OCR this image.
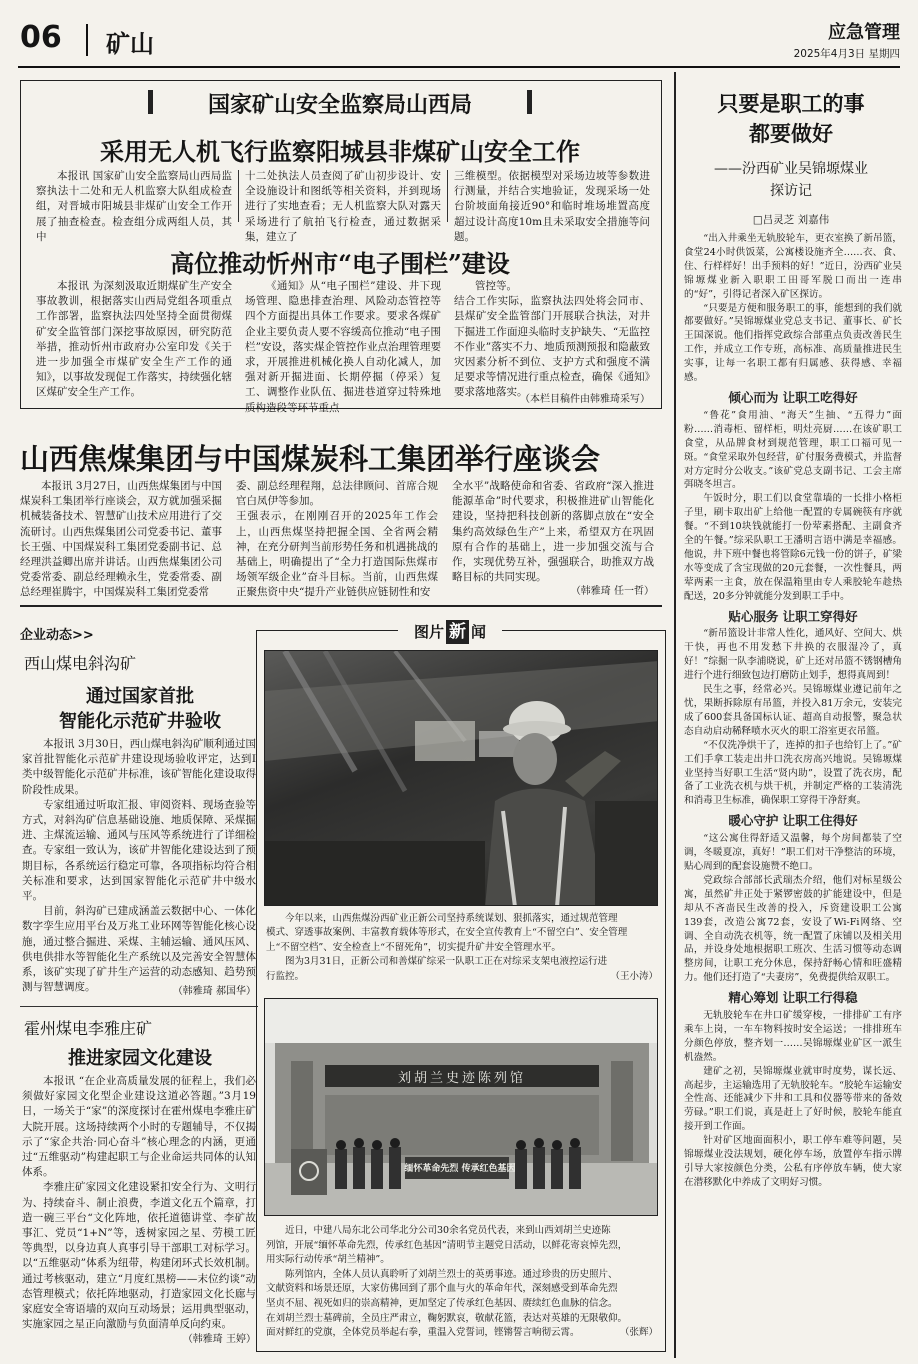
06 矿山	应急管理
2025年4月3日 星期四
国家矿山安全监察局山西局
采用无人机飞行监察阳城县非煤矿山安全工作

本报讯 国家矿山安全监察局山西局监察执法十二处和无人机监察大队组成检查组，对晋城市阳城县非煤矿山安全工作开展了抽查检查。检查组分成两组人员，其中

十二处执法人员查阅了矿山初步设计、安全设施设计和图纸等相关资料，并到现场进行了实地查看；无人机监察大队对露天采场进行了航拍飞行检查，通过数据采集，建立了

三维模型。依据模型对采场边坡等参数进行测量，并结合实地验证，发现采场一处台阶坡面角接近90°和临时堆场堆置高度超过设计高度10m且未采取安全措施等问题。

高位推动忻州市“电子围栏”建设

本报讯 为深刻汲取近期煤矿生产安全事故教训，根据落实山西局党组各项重点工作部署，监察执法四处坚持全面贯彻煤矿安全监管部门深挖事故原因，研究防范举措，推动忻州市政府办公室印发《关于进一步加强全市煤矿安全生产工作的通知》，以事故发现促工作落实，持续强化辖区煤矿安全生产工作。

《通知》从“电子围栏”建设、井下现场管理、隐患排查治理、风险动态管控等四个方面提出具体工作要求。要求各煤矿企业主要负责人要不容缓高位推动“电子围栏”安设，落实煤企管控作业点治理管理要求，开展推进机械化换人自动化减人，加强对新开掘进面、长期停掘（停采）复工、调整作业队伍、掘进巷道穿过特殊地质构造段等环节重点

管控等。
结合工作实际，监察执法四处将会同市、县煤矿安全监管部门开展联合执法，对井下掘进工作面迎头临时支护缺失、“无监控不作业”落实不力、地质预测预报和隐蔽致灾因素分析不到位、支护方式和强度不满足要求等情况进行重点检查，确保《通知》要求落地落实。

（本栏目稿件由韩雅琦采写）
山西焦煤集团与中国煤炭科工集团举行座谈会

本报讯 3月27日，山西焦煤集团与中国煤炭科工集团举行座谈会，双方就加强采掘机械装备技术、智慧矿山技术应用进行了交流研讨。山西焦煤集团公司党委书记、董事长王强、中国煤炭科工集团党委副书记、总经理洪益卿出席并讲话。山西焦煤集团公司党委常委、副总经理赖永生，党委常委、副总经理崔腾宇，中国煤炭科工集团党委常

委、副总经理程翔，总法律顾问、首席合规官白凤伊等参加。
王强表示，在刚刚召开的2025年工作会上，山西焦煤坚持把握全国、全省两会精神，在充分研判当前形势任务和机遇挑战的基础上，明确提出了“全力打造国际焦煤市场领军级企业”奋斗目标。当前，山西焦煤正聚焦资中央“提升产业链供应链韧性和安

全水平”战略使命和省委、省政府“深入推进能源革命”时代要求，积极推进矿山智能化建设，坚持把科技创新的落脚点放在“安全集约高效绿色生产”上来，希望双方在巩固原有合作的基础上，进一步加强交流与合作，实现优势互补，强强联合，助推双方战略目标的共同实现。

（韩雅琦 任一哲）
企业动态>>
西山煤电斜沟矿
通过国家首批
智能化示范矿井验收

本报讯 3月30日，西山煤电斜沟矿顺利通过国家首批智能化示范矿井建设现场验收评定，达到Ⅰ类中级智能化示范矿井标准，该矿智能化建设取得阶段性成果。

专家组通过听取汇报、审阅资料、现场查验等方式，对斜沟矿信息基础设施、地质保障、采煤掘进、主煤流运输、通风与压风等系统进行了详细检查。专家组一致认为，该矿井智能化建设达到了预期目标，各系统运行稳定可靠，各项指标均符合相关标准和要求，达到国家智能化示范矿井中级水平。

目前，斜沟矿已建成涵盖云数据中心、一体化数字孪生应用平台及万兆工业环网等智能化核心设施，通过整合掘进、采煤、主辅运输、通风压风、供电供排水等智能化生产系统以及完善安全智慧体系，该矿实现了矿井生产运营的动态感知、趋势预测与智慧调度。	（韩雅琦 郝国华）
霍州煤电李雅庄矿
推进家园文化建设

本报讯 “在企业高质量发展的征程上，我们必须做好家园文化型企业建设这道必答题。”3月19日，一场关于“家”的深度探讨在霍州煤电李雅庄矿大院开展。这场持续两个小时的专题辅导，不仅揭示了“家企共治·同心奋斗”核心理念的内涵，更通过“五维驱动”构建起职工与企业命运共同体的认知体系。

李雅庄矿家园文化建设紧扣安全行为、文明行为、持续奋斗、制止浪费，李道文化五个篇章，打造一碗三平台“文化阵地，依托道德讲堂、李矿故事汇、党员“1+N”等，透树家园之星、劳模工匠等典型，以身边真人真事引导干部职工对标学习。以“五维驱动”体系为纽带，构建闭环式长效机制。通过考核驱动，建立“月度红黑榜——末位约谈”动态管理模式；依托阵地驱动，打造家园文化长廊与家庭安全寄语墙的双向互动场景；运用典型驱动，实施家园之星正向激励与负面清单反向约束。

（韩雅琦 王婷）
图片 新 闻
今年以来，山西焦煤汾西矿业正新公司坚持系统谋划、狠抓落实，通过规范管理
模式、穿透事故案例、丰富教育载体等形式，在安全宣传教育上“不留空白”、安全管理
上“不留空档”、安全检查上“不留死角”，切实提升矿井安全管理水平。
图为3月31日，正新公司和善煤矿综采一队职工正在对综采支架电液控运行进
行监控。	（王小涛）
刘胡兰史迹陈列馆
缅怀革命先烈 传承红色基因
近日，中建八局东北公司华北分公司30余名党员代表，来到山西刘胡兰史迹陈
列馆，开展“缅怀革命先烈，传承红色基因”清明节主题党日活动，以鲜花寄哀悼先烈，
用实际行动传承“胡兰精神”。
陈列馆内，全体人员认真聆听了刘胡兰烈士的英勇事迹。通过珍贵的历史照片、
文献资料和场景还原，大家仿佛回到了那个血与火的革命年代，深刻感受到革命先烈
坚贞不屈、视死如归的崇高精神，更加坚定了传承红色基因、赓续红色血脉的信念。
在刘胡兰烈士墓碑前，全员庄严肃立，鞠躬默哀，敬献花篮，表达对英雄的无限敬仰。
面对鲜红的党旗，全体党员举起右拳，重温入党誓词，铿锵誓言响彻云霄。	（张辉）
只要是职工的事
都要做好
——汾西矿业吴锦塬煤业
探访记
□吕灵芝 刘嘉伟

“出入井乘坐无轨胶轮车，更衣室换了新吊篮，食堂24小时供饭菜，公寓楼设施齐全……衣、食、住、行样样好！出手预料的好！”近日，汾西矿业吴锦塬煤业新入职职工田哥军脱口而出一连串的“好”，引得记者深入矿区探访。

“只要是方便和服务职工的事，能想到的我们就都要做好。”吴锦塬煤业党总支书记、董事长、矿长王国深说。他们指挥党政综合部重点负责改善民生工作，并成立工作专班，高标准、高质量推进民生实事，让每一名职工都有归属感、获得感、幸福感。

倾心而为 让职工吃得好

“鲁花”食用油、“海天”生抽、“五得力”面粉……消毒柜、留样柜，明灶亮厨……在该矿职工食堂，从品牌食材到规范管理，职工口福可见一斑。“食堂采取外包经营，矿付服务费模式，并监督对方定时分公收支。”该矿党总支副书记、工会主席弭晓冬坦言。

午饭时分，职工们以食堂靠墙的一长排小格柜子里，刷卡取出矿上给他一配置的专属碗筷有序就餐。“不到10块钱就能打一份荤素搭配、主副食齐全的午餐。”综采队职工王潘明言语中满是幸福感。他说，井下班中餐也将管除6元钱一份的饼子，矿梁水等变成了含宝现做的20元套餐，一次性餐具，两荤两素一主食，放在保温箱里由专人乘胶轮车趁热配送，20多分钟就能分发到职工手中。

贴心服务 让职工穿得好

“新吊篮设计非常人性化，通风好、空间大、烘干快，再也不用发愁下井换的衣服湿冷了，真好！”综掘一队李浦晓说，矿上还对吊篮不锈钢槽角进行个进行细致包边打磨防止划手，想得真周到！

民生之事，经常必兴。吴锦塬煤业遵记前年之忧，果断拆除原有吊篮，并投入81万余元，安装完成了600套具备国标认证、超高自动报警，聚急状态自动启动稀释喷水灭火的职工浴室更衣吊篮。

“不仅洗净烘干了，连掉的扣子也给钉上了。”矿工们手拿工装走出井口洗衣房高兴地说。吴锦塬煤业坚持当好职工生活“贤内助”，设置了洗衣房，配备了工业洗衣机与烘干机，并制定严格的工装清洗和消毒卫生标准，确保职工穿得干净舒爽。

暖心守护 让职工住得好

“这公寓住得舒适又温馨，每个房间都装了空调，冬暖夏凉，真好！”职工们对干净整洁的环境，贴心周到的配套设施赞不绝口。

党政综合部部长武瑞杰介绍，他们对标星级公寓，虽然矿井正处于紧锣密鼓的扩能建设中，但是却从不吝啬民生改善的投入，斥资建设职工公寓139套，改造公寓72套，安设了Wi-Fi网络、空调、全自动洗衣机等，统一配置了床铺以及相关用品，并设身处地根据职工班次、生活习惯等动态调整房间，让职工充分休息，保持舒畅心情和旺盛精力。他们还打造了“夫妻房”，免费提供给双职工。

精心筹划 让职工行得稳

无轨胶轮车在井口矿缓穿梭，一排排矿工有序乘车上岗，一车车物料按时安全运送；一排排班车分颜色停放，整齐划一……吴锦塬煤业矿区一派生机盎然。

建矿之初，吴锦塬煤业就审时度势，谋长远、高起步，主运输选用了无轨胶轮车。“胶轮车运输安全性高、还能减少下井和工具和仪器等带来的备效劳碌。”职工们说，真是赶上了好时候，胶轮车能直接开到工作面。

针对矿区地面面积小，职工停车难等问题，吴锦塬煤业没法规划，硬化停车场，放置停车指示牌引导大家按颜色分类，公私有序停放车辆，使大家在潜移默化中养成了文明好习惯。
